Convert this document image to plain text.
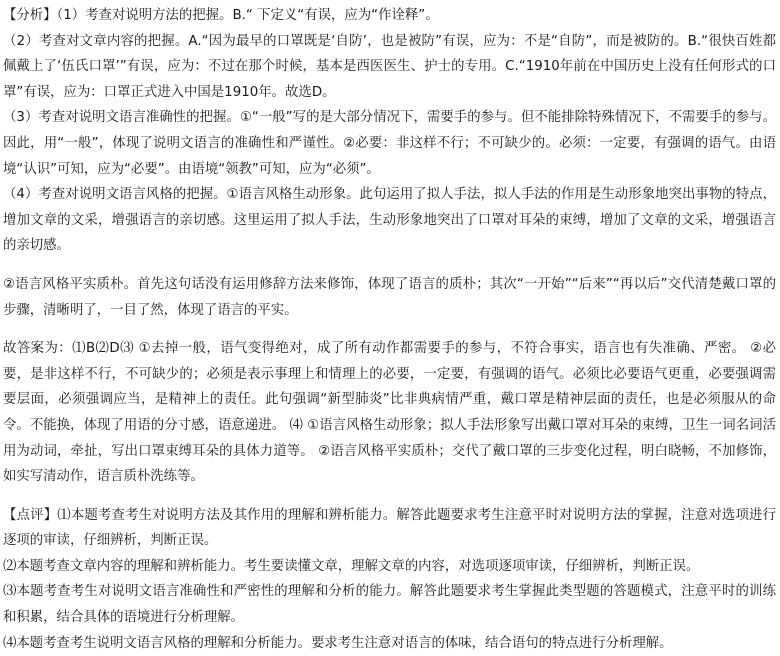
【分析】（1）考查对说明方法的把握。B.“ 下定义“有误，应为“作诠释”。

（2）考查对文章内容的把握。A.“因为最早的口罩既是‘自防’，也是被防”有误，应为：不是“自防”，而是被防的。B.“很快百姓都佩戴上了‘伍氏口罩’”有误，应为：不过在那个时候，基本是西医医生、护士的专用。C.“1910年前在中国历史上没有任何形式的口罩”有误，应为：口罩正式进入中国是1910年。故选D。

（3）考查对说明文语言准确性的把握。①“一般”写的是大部分情况下，需要手的参与。但不能排除特殊情况下，不需要手的参与。因此，用“一般”，体现了说明文语言的准确性和严谨性。②必要：非这样不行；不可缺少的。必须：一定要，有强调的语气。由语境“认识”可知，应为“必要”。由语境“领教”可知，应为“必须”。

（4）考查对说明文语言风格的把握。①语言风格生动形象。此句运用了拟人手法，拟人手法的作用是生动形象地突出事物的特点，增加文章的文采，增强语言的亲切感。这里运用了拟人手法，生动形象地突出了口罩对耳朵的束缚，增加了文章的文采，增强语言的亲切感。

②语言风格平实质朴。首先这句话没有运用修辞方法来修饰，体现了语言的质朴；其次“一开始”“后来”“再以后”交代清楚戴口罩的步骤，清晰明了，一目了然，体现了语言的平实。

故答案为：⑴B⑵D⑶ ①去掉一般，语气变得绝对，成了所有动作都需要手的参与，不符合事实，语言也有失准确、严密。 ②必要，是非这样不行，不可缺少的；必须是表示事理上和情理上的必要，一定要，有强调的语气。必须比必要语气更重，必要强调需要层面，必须强调应当，是精神上的责任。此句强调“新型肺炎”比非典病情严重，戴口罩是精神层面的责任，也是必须服从的命令。不能换，体现了用语的分寸感，语意递进。 ⑷ ①语言风格生动形象；拟人手法形象写出戴口罩对耳朵的束缚，卫生一词名词活用为动词，牵扯，写出口罩束缚耳朵的具体力道等。 ②语言风格平实质朴；交代了戴口罩的三步变化过程，明白晓畅，不加修饰，如实写清动作，语言质朴洗练等。

【点评】⑴本题考查考生对说明方法及其作用的理解和辨析能力。解答此题要求考生注意平时对说明方法的掌握，注意对选项进行逐项的审读，仔细辨析，判断正误。

⑵本题考查文章内容的理解和辨析能力。考生要读懂文章，理解文章的内容，对选项逐项审读，仔细辨析，判断正误。

⑶本题考查考生对说明文语言准确性和严密性的理解和分析的能力。解答此题要求考生掌握此类型题的答题模式，注意平时的训练和积累，结合具体的语境进行分析理解。

⑷本题考查考生说明文语言风格的理解和分析能力。要求考生注意对语言的体味，结合语句的特点进行分析理解。
